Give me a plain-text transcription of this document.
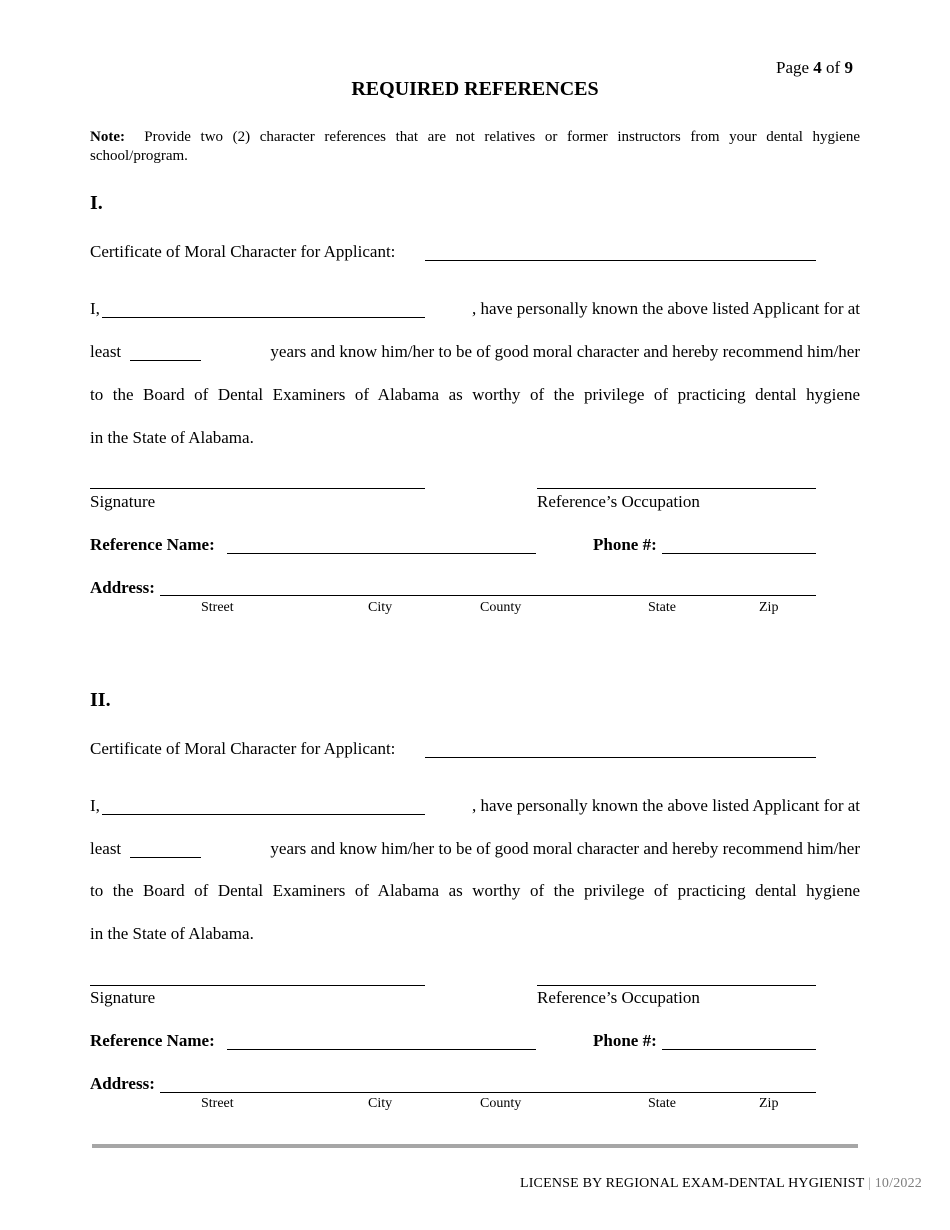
Page 4 of 9
REQUIRED REFERENCES
Note: Provide two (2) character references that are not relatives or former instructors from your dental hygiene school/program.
I.
Certificate of Moral Character for Applicant:
I,	, have personally known the above listed Applicant for at
least	years and know him/her to be of good moral character and hereby recommend him/her
to the Board of Dental Examiners of Alabama as worthy of the privilege of practicing dental hygiene
in the State of Alabama.
Signature	Reference’s Occupation
Reference Name:	Phone #:
Address:
Street	City	County	State	Zip
II.
Certificate of Moral Character for Applicant:
I,	, have personally known the above listed Applicant for at
least	years and know him/her to be of good moral character and hereby recommend him/her
to the Board of Dental Examiners of Alabama as worthy of the privilege of practicing dental hygiene
in the State of Alabama.
Signature	Reference’s Occupation
Reference Name:	Phone #:
Address:
Street	City	County	State	Zip
LICENSE BY REGIONAL EXAM-DENTAL HYGIENIST | 10/2022
